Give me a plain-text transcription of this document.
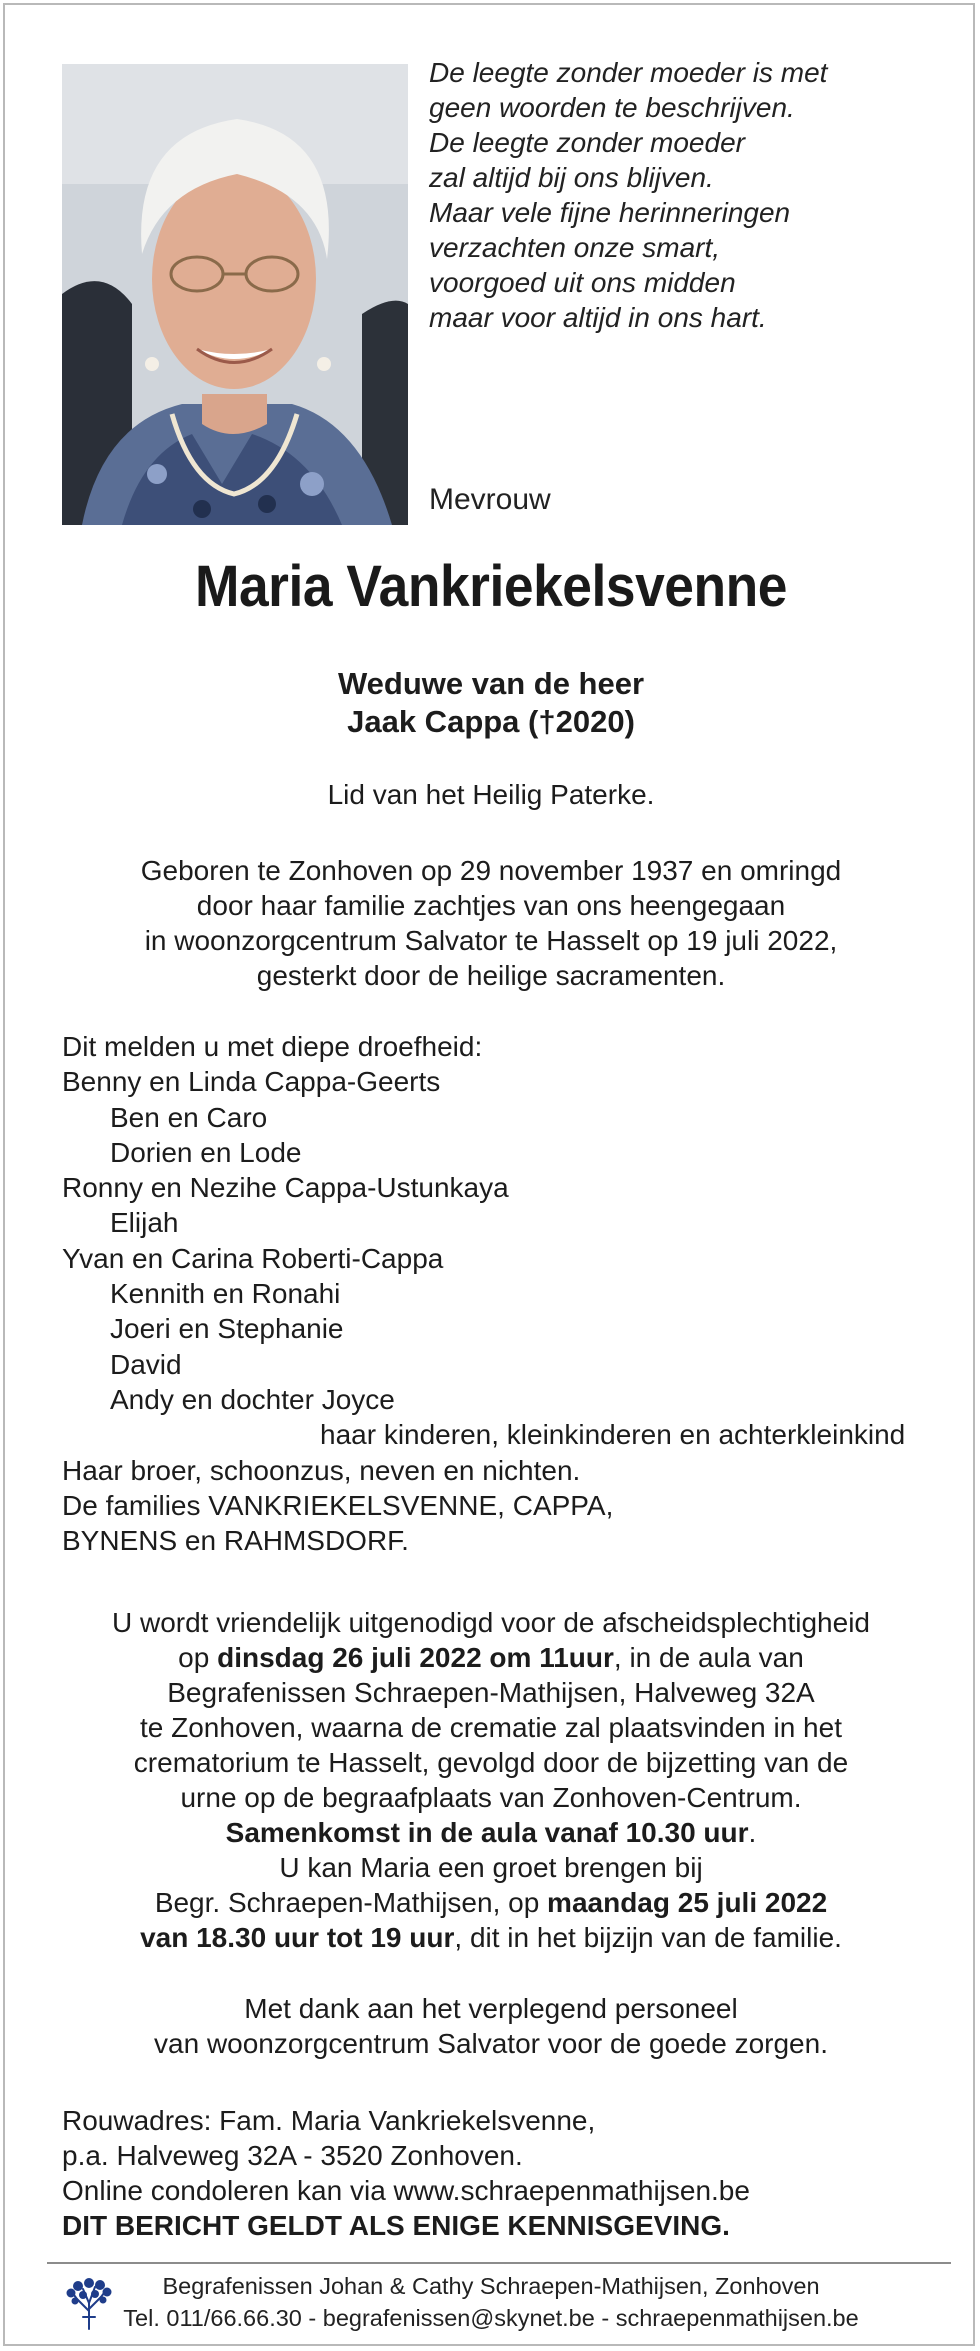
De leegte zonder moeder is met
geen woorden te beschrijven.
De leegte zonder moeder
zal altijd bij ons blijven.
Maar vele fijne herinneringen
verzachten onze smart,
voorgoed uit ons midden
maar voor altijd in ons hart.
Mevrouw
Maria Vankriekelsvenne
Weduwe van de heer
Jaak Cappa (†2020)
Lid van het Heilig Paterke.
Geboren te Zonhoven op 29 november 1937 en omringd
door haar familie zachtjes van ons heengegaan
in woonzorgcentrum Salvator te Hasselt op 19 juli 2022,
gesterkt door de heilige sacramenten.
Dit melden u met diepe droefheid:
Benny en Linda Cappa-Geerts
Ben en Caro
Dorien en Lode
Ronny en Nezihe Cappa-Ustunkaya
Elijah
Yvan en Carina Roberti-Cappa
Kennith en Ronahi
Joeri en Stephanie
David
Andy en dochter Joyce
haar kinderen, kleinkinderen en achterkleinkind
Haar broer, schoonzus, neven en nichten.
De families VANKRIEKELSVENNE, CAPPA,
BYNENS en RAHMSDORF.
U wordt vriendelijk uitgenodigd voor de afscheidsplechtigheid
op dinsdag 26 juli 2022 om 11uur, in de aula van
Begrafenissen Schraepen-Mathijsen, Halveweg 32A
te Zonhoven, waarna de crematie zal plaatsvinden in het
crematorium te Hasselt, gevolgd door de bijzetting van de
urne op de begraafplaats van Zonhoven-Centrum.
Samenkomst in de aula vanaf 10.30 uur.
U kan Maria een groet brengen bij
Begr. Schraepen-Mathijsen, op maandag 25 juli 2022
van 18.30 uur tot 19 uur, dit in het bijzijn van de familie.
Met dank aan het verplegend personeel
van woonzorgcentrum Salvator voor de goede zorgen.
Rouwadres: Fam. Maria Vankriekelsvenne,
p.a. Halveweg 32A - 3520 Zonhoven.
Online condoleren kan via www.schraepenmathijsen.be
DIT BERICHT GELDT ALS ENIGE KENNISGEVING.
Begrafenissen Johan & Cathy Schraepen-Mathijsen, Zonhoven
Tel. 011/66.66.30 - begrafenissen@skynet.be - schraepenmathijsen.be
